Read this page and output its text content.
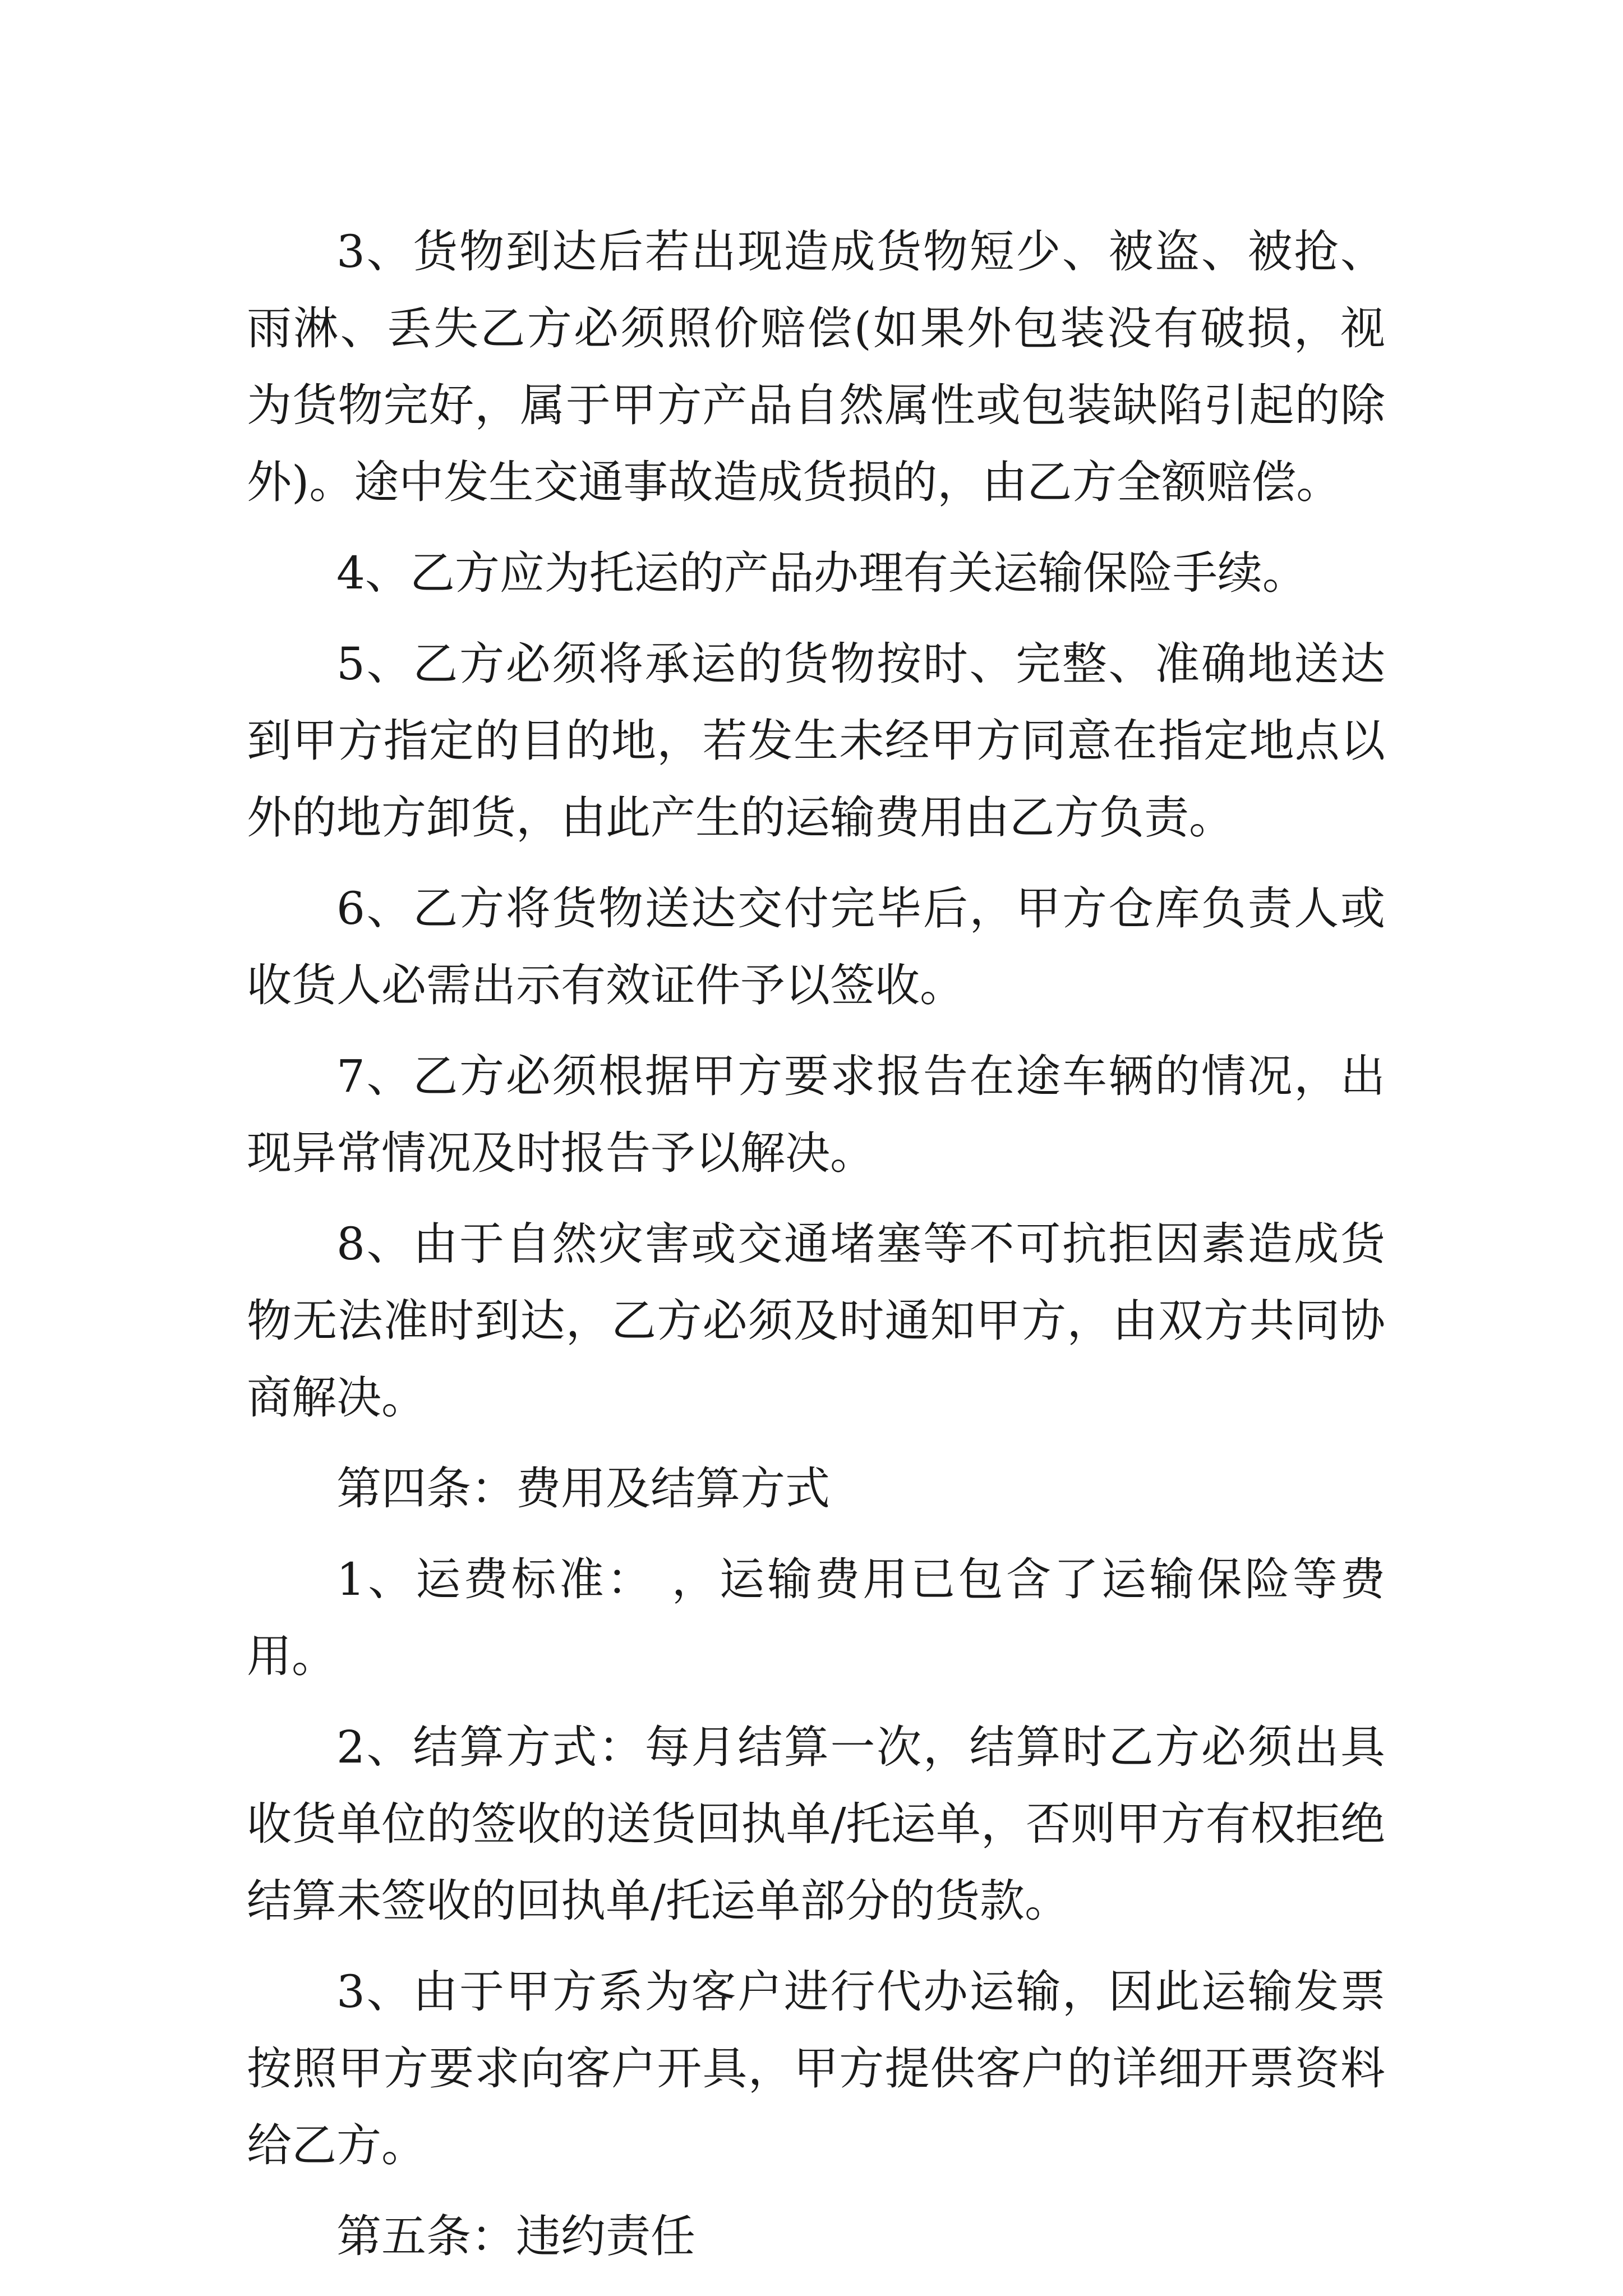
3、货物到达后若出现造成货物短少、被盗、被抢、雨淋、丢失乙方必须照价赔偿(如果外包装没有破损，视为货物完好，属于甲方产品自然属性或包装缺陷引起的除外)。途中发生交通事故造成货损的，由乙方全额赔偿。

4、乙方应为托运的产品办理有关运输保险手续。

5、乙方必须将承运的货物按时、完整、准确地送达到甲方指定的目的地，若发生未经甲方同意在指定地点以外的地方卸货，由此产生的运输费用由乙方负责。

6、乙方将货物送达交付完毕后，甲方仓库负责人或收货人必需出示有效证件予以签收。

7、乙方必须根据甲方要求报告在途车辆的情况，出现异常情况及时报告予以解决。

8、由于自然灾害或交通堵塞等不可抗拒因素造成货物无法准时到达，乙方必须及时通知甲方，由双方共同协商解决。

第四条：费用及结算方式

1、运费标准： ，运输费用已包含了运输保险等费用。

2、结算方式：每月结算一次，结算时乙方必须出具收货单位的签收的送货回执单/托运单，否则甲方有权拒绝结算未签收的回执单/托运单部分的货款。

3、由于甲方系为客户进行代办运输，因此运输发票按照甲方要求向客户开具，甲方提供客户的详细开票资料给乙方。

第五条：违约责任
